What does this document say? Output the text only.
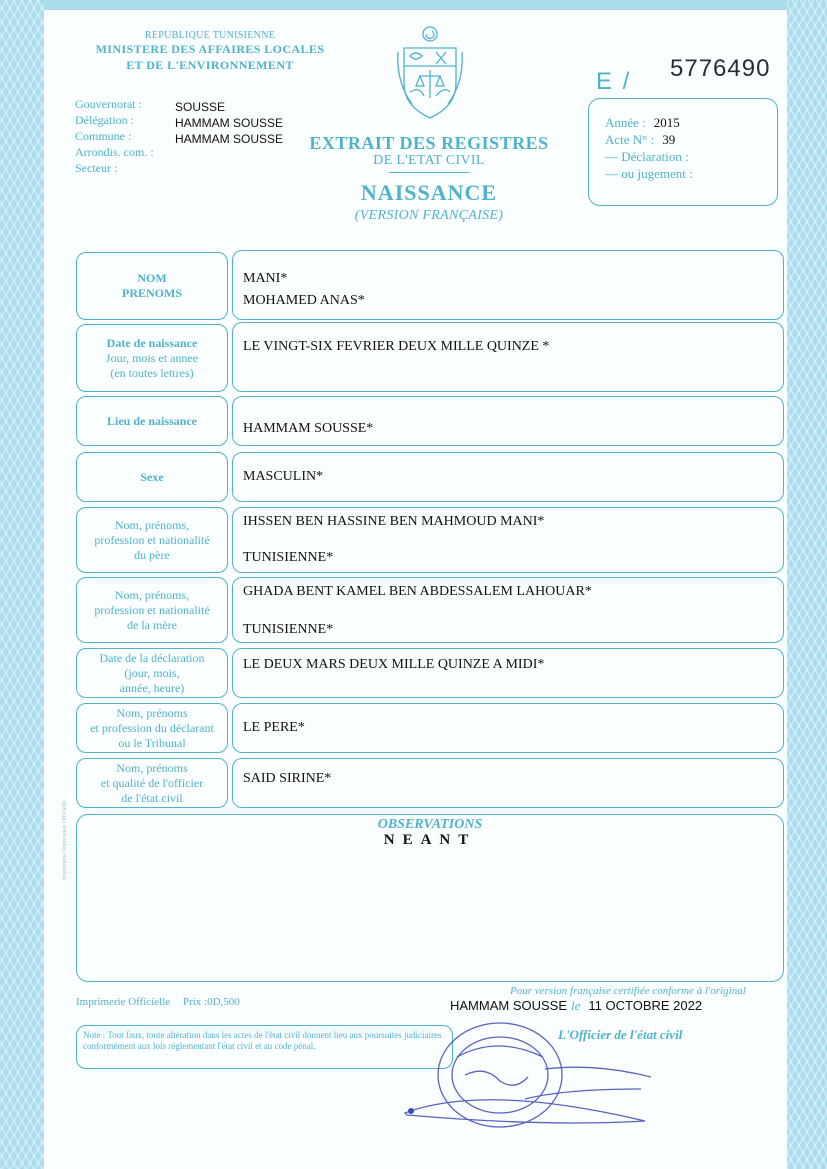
REPUBLIQUE TUNISIENNE
MINISTERE DES AFFAIRES LOCALES
ET DE L'ENVIRONNEMENT
Gouvernorat :
Délégation :
Commune :
Arrondis. com. :
Secteur :
SOUSSE
HAMMAM SOUSSE
HAMMAM SOUSSE	EXTRAIT DES REGISTRES
DE L'ETAT CIVIL
NAISSANCE
(VERSION FRANÇAISE)
E / 5776490
Année : 2015
Acte N° : 39
— Déclaration :
— ou jugement :
NOM
PRENOMS
MANI*
MOHAMED ANAS*
Date de naissance
Jour, mois et annee
(en toutes lettres)
LE VINGT-SIX FEVRIER DEUX MILLE QUINZE *
Lieu de naissance
HAMMAM SOUSSE*
Sexe	MASCULIN*
Nom, prénoms,
profession et nationalité
du père
IHSSEN BEN HASSINE BEN MAHMOUD MANI*
TUNISIENNE*
Nom, prénoms,
profession et nationalité
de la mère
GHADA BENT KAMEL BEN ABDESSALEM LAHOUAR*
TUNISIENNE*
Date de la déclaration
(jour, mois,
année, heure)
LE DEUX MARS DEUX MILLE QUINZE A MIDI*
Nom, prénoms
et profession du déclarant
ou le Tribunal
LE PERE*
Nom, prénoms
et qualité de l'officier
de l'état civil
SAID SIRINE*
OBSERVATIONS
NEANT
Imprimerie Impression Officielle
Imprimerie Officielle Prix :0D,500
Pour version française certifiée conforme à l'original
HAMMAM SOUSSE le 11 OCTOBRE 2022
Note : Tout faux, toute altération dans les actes de l'état civil donnent lieu aux poursuites judiciaires conformément aux lois réglementant l'état civil et au code pénal.
L'Officier de l'état civil
